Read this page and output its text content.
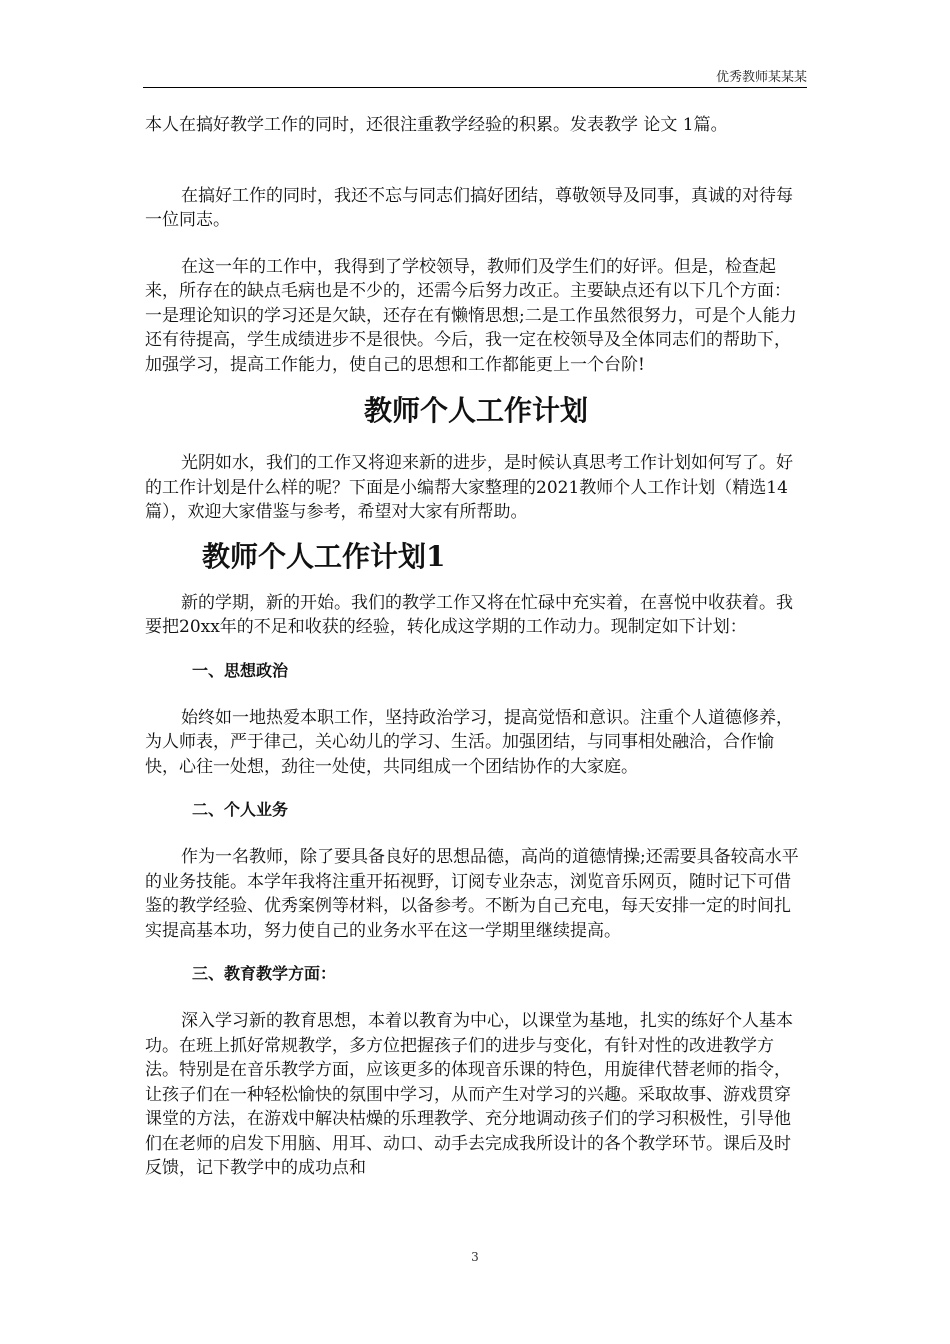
优秀教师某某某

本人在搞好教学工作的同时，还很注重教学经验的积累。发表教学 论文 1篇。

在搞好工作的同时，我还不忘与同志们搞好团结，尊敬领导及同事，真诚的对待每一位同志。

在这一年的工作中，我得到了学校领导，教师们及学生们的好评。但是，检查起来，所存在的缺点毛病也是不少的，还需今后努力改正。主要缺点还有以下几个方面：一是理论知识的学习还是欠缺，还存在有懒惰思想;二是工作虽然很努力，可是个人能力还有待提高，学生成绩进步不是很快。今后，我一定在校领导及全体同志们的帮助下，加强学习，提高工作能力，使自己的思想和工作都能更上一个台阶!

教师个人工作计划

光阴如水，我们的工作又将迎来新的进步，是时候认真思考工作计划如何写了。好的工作计划是什么样的呢？下面是小编帮大家整理的2021教师个人工作计划（精选14篇），欢迎大家借鉴与参考，希望对大家有所帮助。

教师个人工作计划1

新的学期，新的开始。我们的教学工作又将在忙碌中充实着，在喜悦中收获着。我要把20xx年的不足和收获的经验，转化成这学期的工作动力。现制定如下计划：

一、思想政治

始终如一地热爱本职工作，坚持政治学习，提高觉悟和意识。注重个人道德修养，为人师表，严于律己，关心幼儿的学习、生活。加强团结，与同事相处融洽，合作愉快，心往一处想，劲往一处使，共同组成一个团结协作的大家庭。

二、个人业务

作为一名教师，除了要具备良好的思想品德，高尚的道德情操;还需要具备较高水平的业务技能。本学年我将注重开拓视野，订阅专业杂志，浏览音乐网页，随时记下可借鉴的教学经验、优秀案例等材料，以备参考。不断为自己充电，每天安排一定的时间扎实提高基本功，努力使自己的业务水平在这一学期里继续提高。

三、教育教学方面：

深入学习新的教育思想，本着以教育为中心，以课堂为基地，扎实的练好个人基本功。在班上抓好常规教学，多方位把握孩子们的进步与变化，有针对性的改进教学方法。特别是在音乐教学方面，应该更多的体现音乐课的特色，用旋律代替老师的指令，让孩子们在一种轻松愉快的氛围中学习，从而产生对学习的兴趣。采取故事、游戏贯穿课堂的方法，在游戏中解决枯燥的乐理教学、充分地调动孩子们的学习积极性，引导他们在老师的启发下用脑、用耳、动口、动手去完成我所设计的各个教学环节。课后及时反馈，记下教学中的成功点和

3
